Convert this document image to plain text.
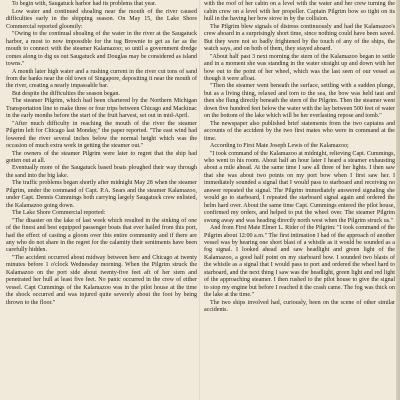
To begin with, Saugatuck harbor had its problems that year.

Low water and continued shoaling near the mouth of the river caused difficulties early in the shipping season. On May 15, the Lake Shore Commercial reported gloomily:

"Owing to the continual shoaling of the water in the river at the Saugatuck harbor, a most to now impossible for the tug Brownie to get as far as the mouth to connect with the steamer Kalamazoo; so until a government dredge comes along to dig us out Saugatuck and Douglas may be considered as island towns."

A month later high water and a rushing current in the river cut tons of sand from the banks near the old town of Singapore, depositing it near the mouth of the river, creating a nearly impassable bar.

But despite the difficulties the season began.

The steamer Pilgrim, which had been chartered by the Northern Michigan Transportation line to make three or four trips between Chicago and Mackinac in the early months before the start of the fruit harvest, set out in mid-April.

"After much difficulty in reaching the mouth of the river the steamer Pilgrim left for Chicago last Monday," the paper reported. "The east wind had lowered the river several inches below the normal height which was the occasion of much extra work in getting the steamer out."

The owners of the steamer Pilgrim were later to regret that the ship had gotten out at all.

Eventually more of the Saugatuck based boats ploughed their way through the sand into the big lake.

The traffic problems began shortly after midnight May 28 when the steamer Pilgrim, under the command of Capt. P.A. Sears and the steamer Kalamazoo, under Capt. Dennis Cummings both carrying largely Saugatuck crew enlisted, the Kalamazoo going down.

The Lake Shore Commercial reported:

"The disaster on the lake of last week which resulted in the sinking of one of the finest and best equipped passenger boats that ever hailed from this port, had the effect of casting a gloom over this entire community and if there are any who do not share in the regret for the calamity their sentiments have been carefully hidden.

"The accident occurred about midway between here and Chicago at twenty minutes before 1 o'clock Wednesday morning. When the Pilgrim struck the Kalamazoo on the port side about twenty-five feet aft of her stem and penetrated her hull at least five feet. No panic occurred in the crew of either vessel. Capt Cummings of the Kalamazoo was in the pilot house at the time the shock occurred and was injured quite severely about the foot by being thrown to the floor."

with the roof of her cabin on a level with the water and her crew turning the cabin crew on a level with her propeller. Captain Pilgrim bow so tight on its hull in the having her bow stove in by the collision.

The Pilgrim blew signals of distress continuously and had the Kalamazoo's crew aboard in a surprisingly short time, since nothing could have been saved. But they were not so badly frightened by the touch of any of the ships, the watch says, and on both of them, they stayed aboard.

"About half past 3 next morning the stern of the Kalamazoo began to settle and in a moment she was standing in the water straight up and down with her bow out to the point of her wheel, which was the last seen of our vessel as though it were afloat.

"Then the steamer went beneath the surface, settling with a sudden plunge, but as a living thing, relaxed and torn to the sea, the bow was held taut and then she flung directly beneath the stern of the Pilgrim. Then the steamer went down five hundred feet below the water with the lay between 500 feet of water on the bottom of the lake which will be her everlasting repose and tomb."

The newspaper also published brief statements from the two captains and accounts of the accident by the two first mates who were in command at the time.

According to First Mate Joseph Lewis of the Kalamazoo;

"I took command of the Kalamazoo at midnight, relieving Capt. Cummings, who went to his room. About half an hour later I heard a steamer exhausting about a mile ahead. At the same time I saw all three of her lights. I then saw that she was about two points on my port bow when I first saw her. I immediately sounded a signal that I would pass to starboard and receiving no answer repeated the signal. The Pilgrim immediately answered signaling she would go to starboard, I repeated the starboard signal again and ordered the helm hard over. About the same time Capt. Cummings entered the pilot house, confirmed my orders, and helped to put the wheel over. The steamer Pilgrim swung away and was heading directly north west when the Pilgrim struck us."

And from First Mate Elmer L. Rider of the Pilgrim: "I took command of the Pilgrim about 12:00 a.m." The first intimation I had of the approach of another vessel was by hearing one short blast of a whistle as it would be sounded as a fog signal. I looked ahead and saw headlight and green light of the Kalamazoo, a good half point on my starboard bow. I sounded two blasts of the whistle as a signal that I would pass to port and ordered the wheel hard to starboard, and the next thing I saw was the headlight, green light and red light of the approaching steamer. I then rushed to the pilot house to give the signal to stop my engine but before I reached it the crash came. The fog was thick on the lake at the time."

The two ships involved had, curiously, been on the scene of other similar accidents.
